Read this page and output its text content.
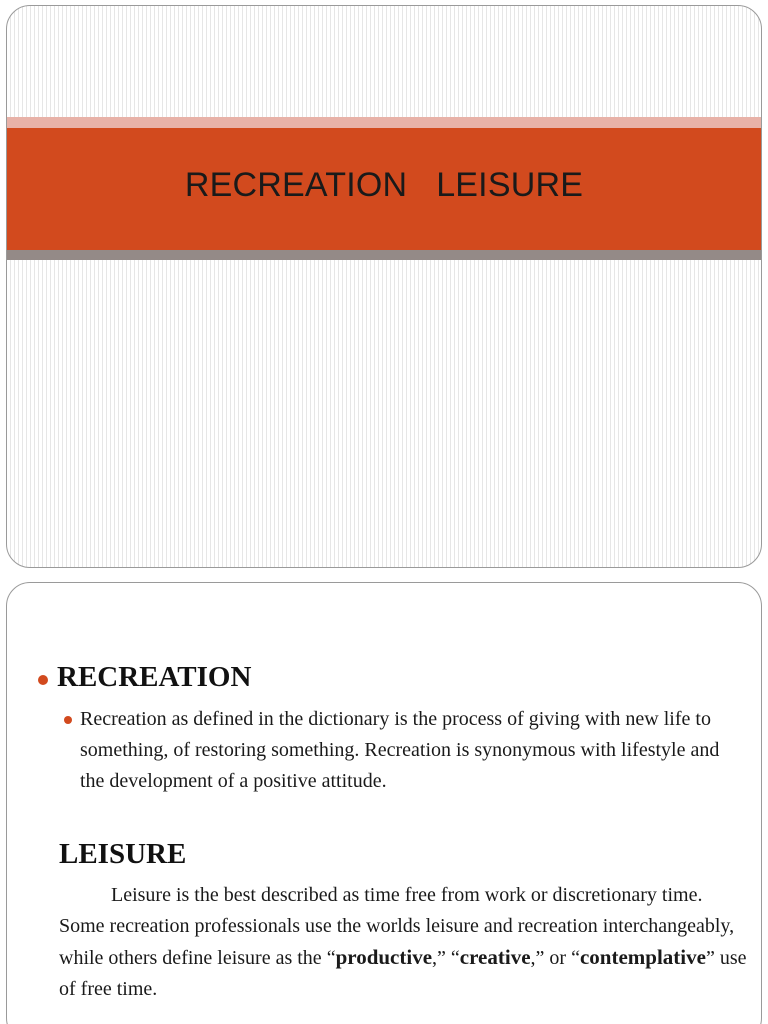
RECREATION   LEISURE
RECREATION
Recreation as defined in the dictionary is the process of giving with new life to something, of restoring something. Recreation is synonymous with lifestyle and the development of a positive attitude.
LEISURE
Leisure is the best described as time free from work or discretionary time. Some recreation professionals use the worlds leisure and recreation interchangeably, while others define leisure as the “productive,” “creative,” or “contemplative” use of free time.
